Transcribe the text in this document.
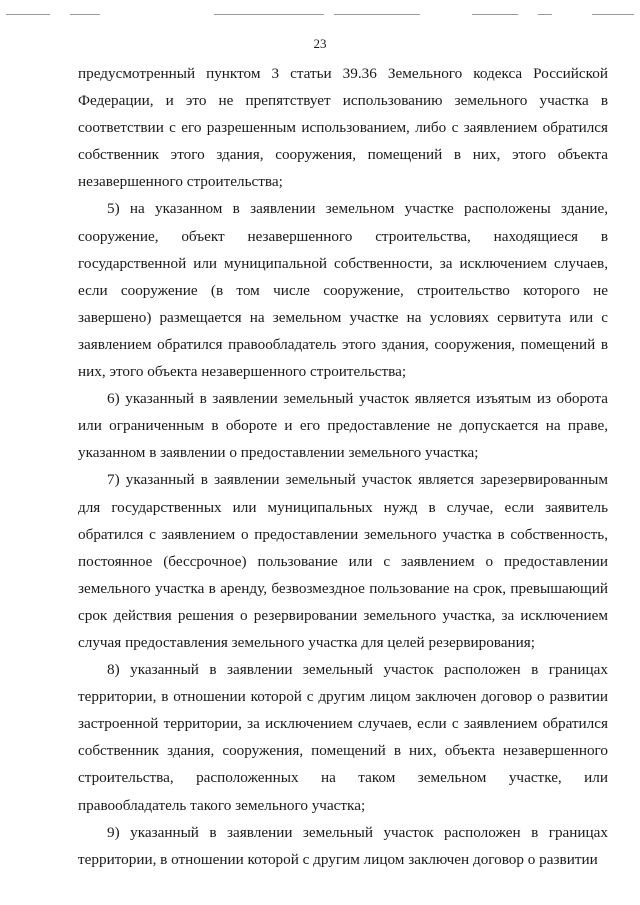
23

предусмотренный пунктом 3 статьи 39.36 Земельного кодекса Российской Федерации, и это не препятствует использованию земельного участка в соответствии с его разрешенным использованием, либо с заявлением обратился собственник этого здания, сооружения, помещений в них, этого объекта незавершенного строительства;

5) на указанном в заявлении земельном участке расположены здание, сооружение, объект незавершенного строительства, находящиеся в государственной или муниципальной собственности, за исключением случаев, если сооружение (в том числе сооружение, строительство которого не завершено) размещается на земельном участке на условиях сервитута или с заявлением обратился правообладатель этого здания, сооружения, помещений в них, этого объекта незавершенного строительства;

6) указанный в заявлении земельный участок является изъятым из оборота или ограниченным в обороте и его предоставление не допускается на праве, указанном в заявлении о предоставлении земельного участка;

7) указанный в заявлении земельный участок является зарезервированным для государственных или муниципальных нужд в случае, если заявитель обратился с заявлением о предоставлении земельного участка в собственность, постоянное (бессрочное) пользование или с заявлением о предоставлении земельного участка в аренду, безвозмездное пользование на срок, превышающий срок действия решения о резервировании земельного участка, за исключением случая предоставления земельного участка для целей резервирования;

8) указанный в заявлении земельный участок расположен в границах территории, в отношении которой с другим лицом заключен договор о развитии застроенной территории, за исключением случаев, если с заявлением обратился собственник здания, сооружения, помещений в них, объекта незавершенного строительства, расположенных на таком земельном участке, или правообладатель такого земельного участка;

9) указанный в заявлении земельный участок расположен в границах территории, в отношении которой с другим лицом заключен договор о развитии
